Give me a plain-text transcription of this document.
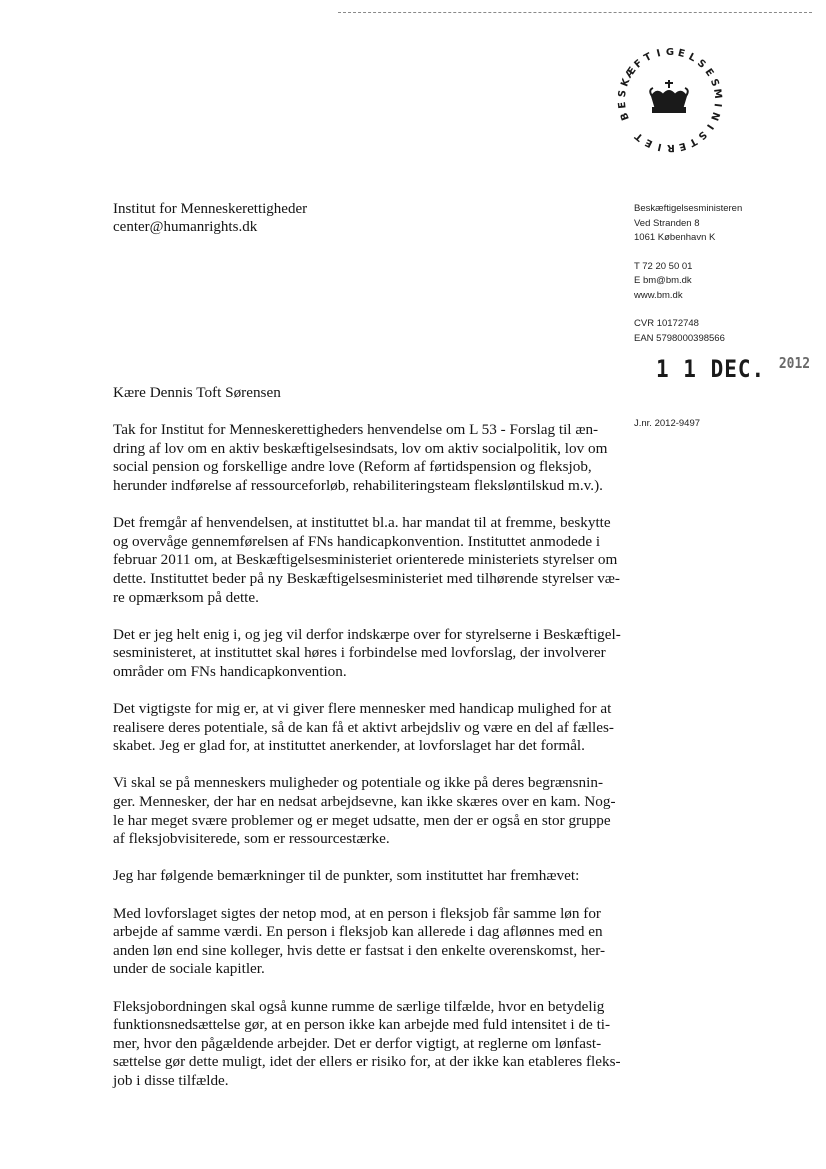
B
E
S
K
Æ
F
T I G E L
S
E
S
M
I
N
I
S
T
E
R
I
E
T
Institut for Menneskerettigheder
center@humanrights.dk
Beskæftigelsesministeren
Ved Stranden 8
1061 København K
T 72 20 50 01
E bm@bm.dk
www.bm.dk
CVR 10172748
EAN 5798000398566
1 1 DEC. $^{2012}$
J.nr. 2012-9497

Kære Dennis Toft Sørensen

Tak for Institut for Menneskerettigheders henvendelse om L 53 - Forslag til æn-
dring af lov om en aktiv beskæftigelsesindsats, lov om aktiv socialpolitik, lov om
social pension og forskellige andre love (Reform af førtidspension og fleksjob,
herunder indførelse af ressourceforløb, rehabiliteringsteam fleksløntilskud m.v.).

Det fremgår af henvendelsen, at instituttet bl.a. har mandat til at fremme, beskytte
og overvåge gennemførelsen af FNs handicapkonvention. Instituttet anmodede i
februar 2011 om, at Beskæftigelsesministeriet orienterede ministeriets styrelser om
dette. Instituttet beder på ny Beskæftigelsesministeriet med tilhørende styrelser væ-
re opmærksom på dette.

Det er jeg helt enig i, og jeg vil derfor indskærpe over for styrelserne i Beskæftigel-
sesministeret, at instituttet skal høres i forbindelse med lovforslag, der involverer
områder om FNs handicapkonvention.

Det vigtigste for mig er, at vi giver flere mennesker med handicap mulighed for at
realisere deres potentiale, så de kan få et aktivt arbejdsliv og være en del af fælles-
skabet. Jeg er glad for, at instituttet anerkender, at lovforslaget har det formål.

Vi skal se på menneskers muligheder og potentiale og ikke på deres begrænsnin-
ger. Mennesker, der har en nedsat arbejdsevne, kan ikke skæres over en kam. Nog-
le har meget svære problemer og er meget udsatte, men der er også en stor gruppe
af fleksjobvisiterede, som er ressourcestærke.

Jeg har følgende bemærkninger til de punkter, som instituttet har fremhævet:

Med lovforslaget sigtes der netop mod, at en person i fleksjob får samme løn for
arbejde af samme værdi. En person i fleksjob kan allerede i dag aflønnes med en
anden løn end sine kolleger, hvis dette er fastsat i den enkelte overenskomst, her-
under de sociale kapitler.

Fleksjobordningen skal også kunne rumme de særlige tilfælde, hvor en betydelig
funktionsnedsættelse gør, at en person ikke kan arbejde med fuld intensitet i de ti-
mer, hvor den pågældende arbejder. Det er derfor vigtigt, at reglerne om lønfast-
sættelse gør dette muligt, idet der ellers er risiko for, at der ikke kan etableres fleks-
job i disse tilfælde.
